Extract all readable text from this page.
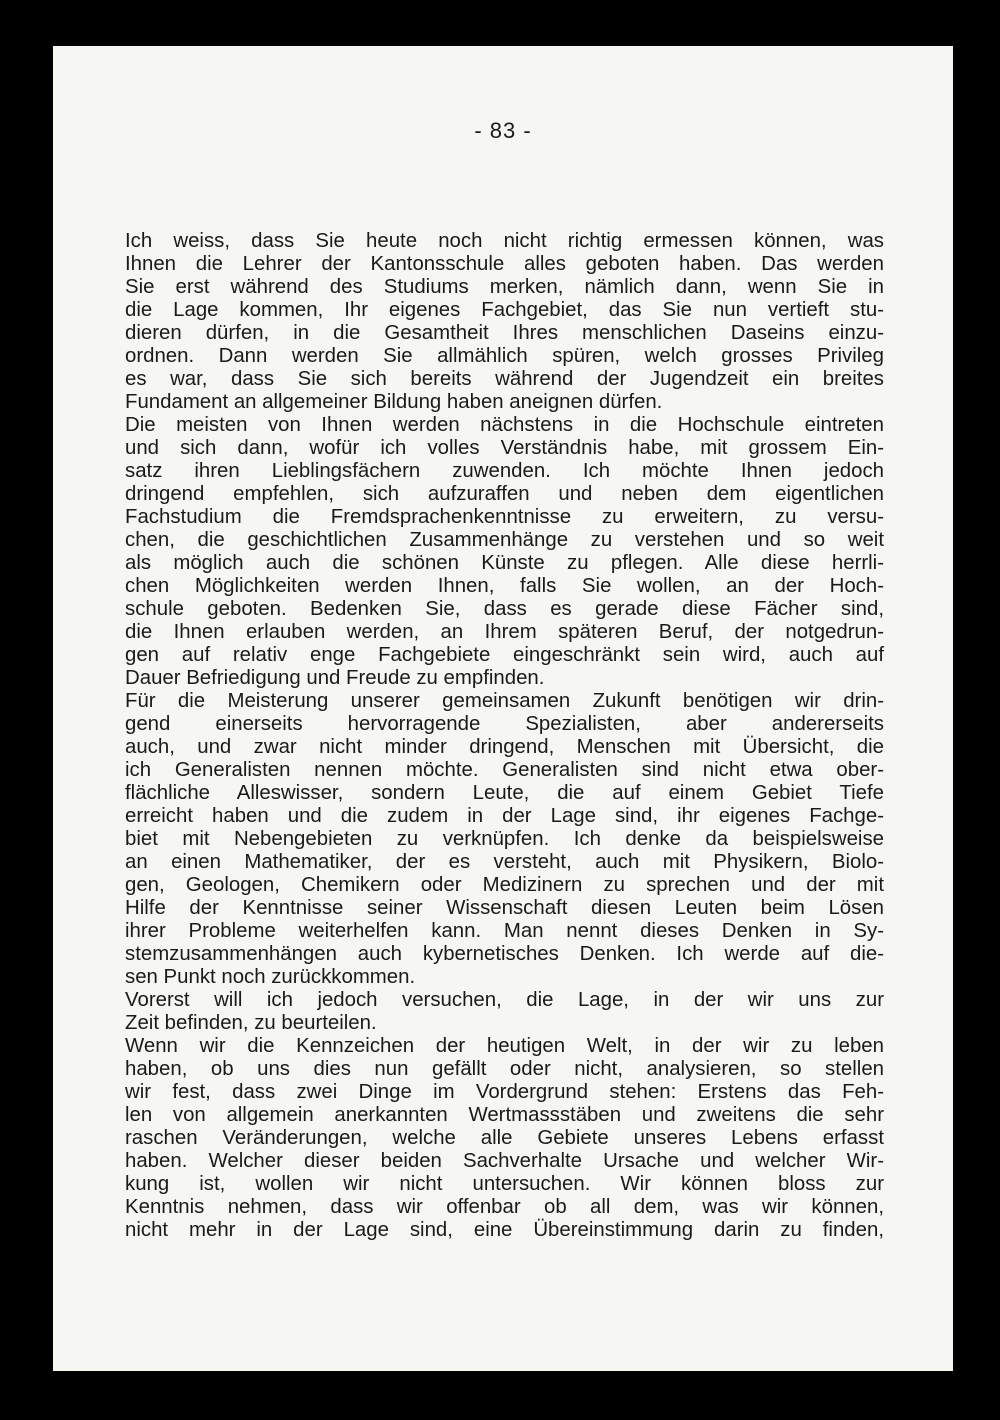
- 83 -
Ich weiss, dass Sie heute noch nicht richtig ermessen können, was
Ihnen die Lehrer der Kantonsschule alles geboten haben. Das werden
Sie erst während des Studiums merken, nämlich dann, wenn Sie in
die Lage kommen, Ihr eigenes Fachgebiet, das Sie nun vertieft stu-
dieren dürfen, in die Gesamtheit Ihres menschlichen Daseins einzu-
ordnen. Dann werden Sie allmählich spüren, welch grosses Privileg
es war, dass Sie sich bereits während der Jugendzeit ein breites
Fundament an allgemeiner Bildung haben aneignen dürfen.
Die meisten von Ihnen werden nächstens in die Hochschule eintreten
und sich dann, wofür ich volles Verständnis habe, mit grossem Ein-
satz ihren Lieblingsfächern zuwenden. Ich möchte Ihnen jedoch
dringend empfehlen, sich aufzuraffen und neben dem eigentlichen
Fachstudium die Fremdsprachenkenntnisse zu erweitern, zu versu-
chen, die geschichtlichen Zusammenhänge zu verstehen und so weit
als möglich auch die schönen Künste zu pflegen. Alle diese herrli-
chen Möglichkeiten werden Ihnen, falls Sie wollen, an der Hoch-
schule geboten. Bedenken Sie, dass es gerade diese Fächer sind,
die Ihnen erlauben werden, an Ihrem späteren Beruf, der notgedrun-
gen auf relativ enge Fachgebiete eingeschränkt sein wird, auch auf
Dauer Befriedigung und Freude zu empfinden.
Für die Meisterung unserer gemeinsamen Zukunft benötigen wir drin-
gend einerseits hervorragende Spezialisten, aber andererseits
auch, und zwar nicht minder dringend, Menschen mit Übersicht, die
ich Generalisten nennen möchte. Generalisten sind nicht etwa ober-
flächliche Alleswisser, sondern Leute, die auf einem Gebiet Tiefe
erreicht haben und die zudem in der Lage sind, ihr eigenes Fachge-
biet mit Nebengebieten zu verknüpfen. Ich denke da beispielsweise
an einen Mathematiker, der es versteht, auch mit Physikern, Biolo-
gen, Geologen, Chemikern oder Medizinern zu sprechen und der mit
Hilfe der Kenntnisse seiner Wissenschaft diesen Leuten beim Lösen
ihrer Probleme weiterhelfen kann. Man nennt dieses Denken in Sy-
stemzusammenhängen auch kybernetisches Denken. Ich werde auf die-
sen Punkt noch zurückkommen.
Vorerst will ich jedoch versuchen, die Lage, in der wir uns zur
Zeit befinden, zu beurteilen.
Wenn wir die Kennzeichen der heutigen Welt, in der wir zu leben
haben, ob uns dies nun gefällt oder nicht, analysieren, so stellen
wir fest, dass zwei Dinge im Vordergrund stehen: Erstens das Feh-
len von allgemein anerkannten Wertmassstäben und zweitens die sehr
raschen Veränderungen, welche alle Gebiete unseres Lebens erfasst
haben. Welcher dieser beiden Sachverhalte Ursache und welcher Wir-
kung ist, wollen wir nicht untersuchen. Wir können bloss zur
Kenntnis nehmen, dass wir offenbar ob all dem, was wir können,
nicht mehr in der Lage sind, eine Übereinstimmung darin zu finden,
